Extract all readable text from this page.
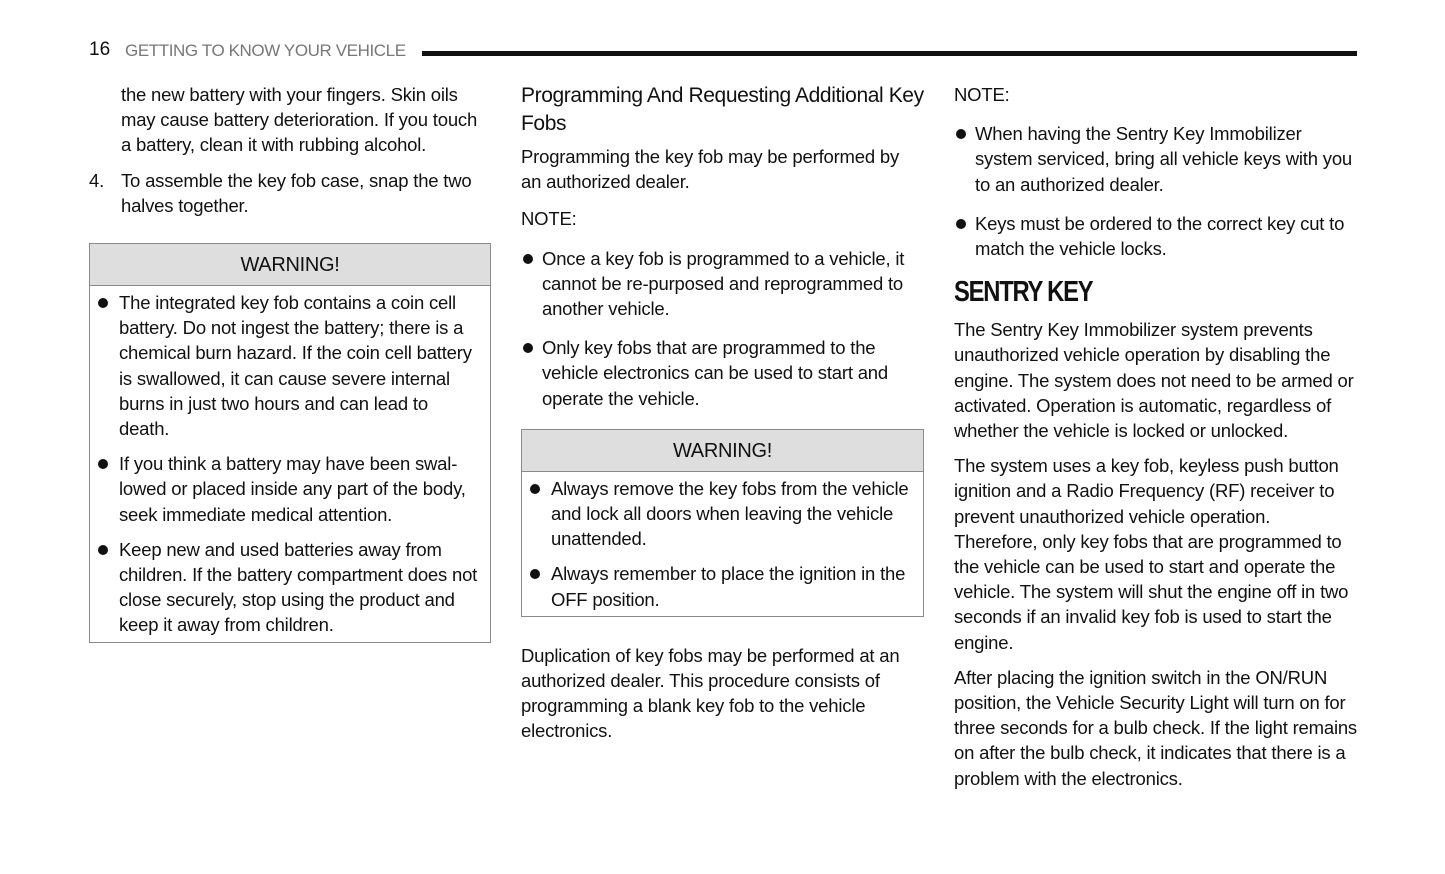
16 GETTING TO KNOW YOUR VEHICLE

the new battery with your fingers. Skin oils may cause battery deterioration. If you touch a battery, clean it with rubbing alcohol.

4. To assemble the key fob case, snap the two halves together.
WARNING!
The integrated key fob contains a coin cell battery. Do not ingest the battery; there is a chemical burn hazard. If the coin cell battery is swallowed, it can cause severe internal burns in just two hours and can lead to death.
If you think a battery may have been swallowed or placed inside any part of the body, seek immediate medical attention.
Keep new and used batteries away from children. If the battery compartment does not close securely, stop using the product and keep it away from children.
Programming And Requesting Additional Key Fobs

Programming the key fob may be performed by an authorized dealer.

NOTE:

Once a key fob is programmed to a vehicle, it cannot be re-purposed and reprogrammed to another vehicle.
Only key fobs that are programmed to the vehicle electronics can be used to start and operate the vehicle.
WARNING!
Always remove the key fobs from the vehicle and lock all doors when leaving the vehicle unattended.
Always remember to place the ignition in the OFF position.

Duplication of key fobs may be performed at an authorized dealer. This procedure consists of programming a blank key fob to the vehicle electronics.

NOTE:

When having the Sentry Key Immobilizer system serviced, bring all vehicle keys with you to an authorized dealer.
Keys must be ordered to the correct key cut to match the vehicle locks.
SENTRY KEY

The Sentry Key Immobilizer system prevents unauthorized vehicle operation by disabling the engine. The system does not need to be armed or activated. Operation is automatic, regardless of whether the vehicle is locked or unlocked.

The system uses a key fob, keyless push button ignition and a Radio Frequency (RF) receiver to prevent unauthorized vehicle operation. Therefore, only key fobs that are programmed to the vehicle can be used to start and operate the vehicle. The system will shut the engine off in two seconds if an invalid key fob is used to start the engine.

After placing the ignition switch in the ON/RUN position, the Vehicle Security Light will turn on for three seconds for a bulb check. If the light remains on after the bulb check, it indicates that there is a problem with the electronics.
